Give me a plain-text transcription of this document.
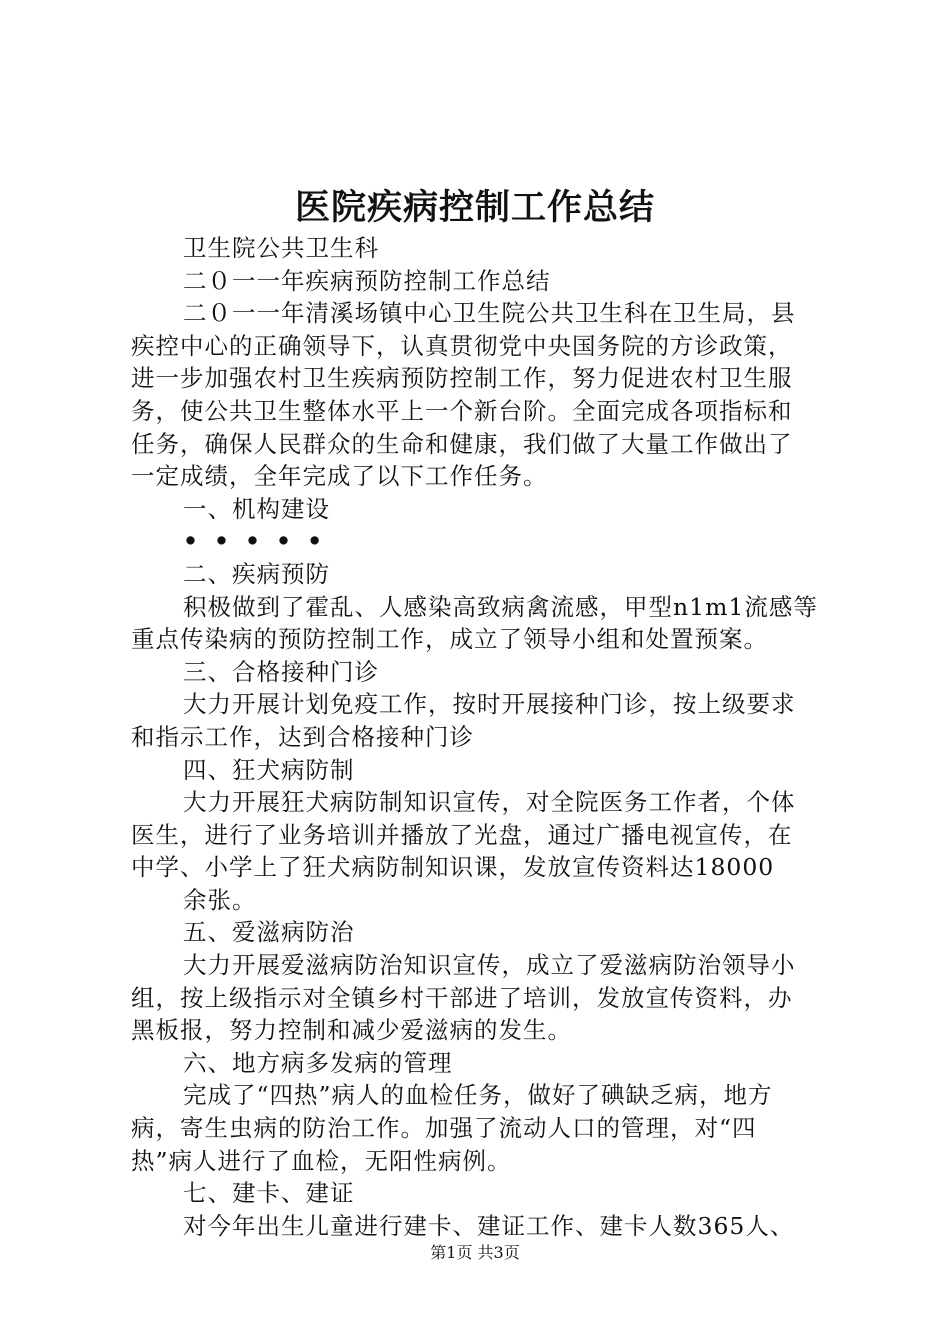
医院疾病控制工作总结
卫生院公共卫生科
二０一一年疾病预防控制工作总结
二０一一年清溪场镇中心卫生院公共卫生科在卫生局，县
疾控中心的正确领导下，认真贯彻党中央国务院的方诊政策，
进一步加强农村卫生疾病预防控制工作，努力促进农村卫生服
务，使公共卫生整体水平上一个新台阶。全面完成各项指标和
任务，确保人民群众的生命和健康，我们做了大量工作做出了
一定成绩，全年完成了以下工作任务。
一、机构建设
•••••
二、疾病预防
积极做到了霍乱、人感染高致病禽流感，甲型n1m1流感等
重点传染病的预防控制工作，成立了领导小组和处置预案。
三、合格接种门诊
大力开展计划免疫工作，按时开展接种门诊，按上级要求
和指示工作，达到合格接种门诊
四、狂犬病防制
大力开展狂犬病防制知识宣传，对全院医务工作者，个体
医生，进行了业务培训并播放了光盘，通过广播电视宣传，在
中学、小学上了狂犬病防制知识课，发放宣传资料达18000
余张。
五、爱滋病防治
大力开展爱滋病防治知识宣传，成立了爱滋病防治领导小
组，按上级指示对全镇乡村干部进了培训，发放宣传资料，办
黑板报，努力控制和减少爱滋病的发生。
六、地方病多发病的管理
完成了“四热”病人的血检任务，做好了碘缺乏病，地方
病，寄生虫病的防治工作。加强了流动人口的管理，对“四
热”病人进行了血检，无阳性病例。
七、建卡、建证
对今年出生儿童进行建卡、建证工作、建卡人数365人、
第1页 共3页
